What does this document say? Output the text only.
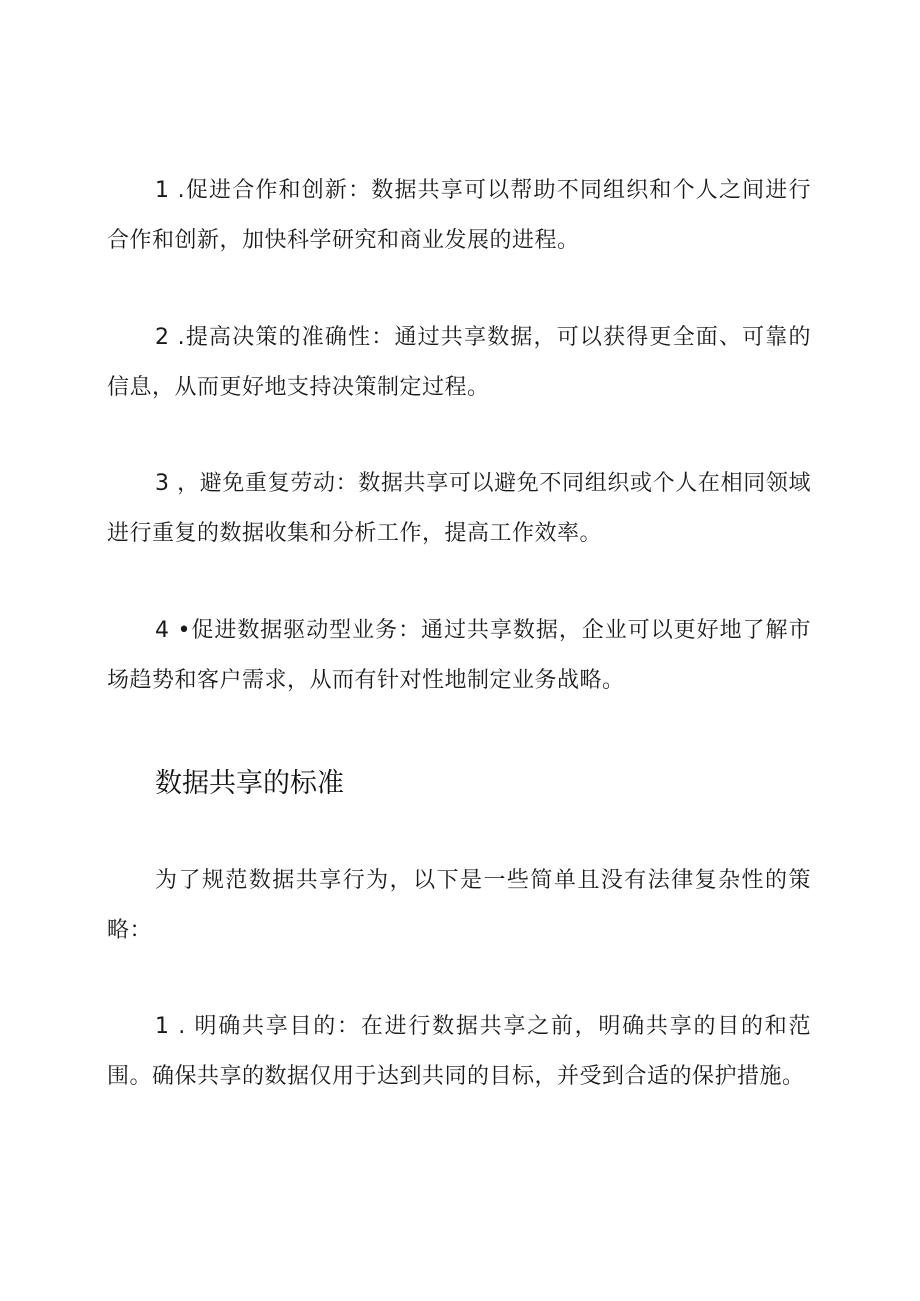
1 .促进合作和创新：数据共享可以帮助不同组织和个人之间进行合作和创新，加快科学研究和商业发展的进程。

2 .提高决策的准确性：通过共享数据，可以获得更全面、可靠的信息，从而更好地支持决策制定过程。

3 ，避免重复劳动：数据共享可以避免不同组织或个人在相同领域进行重复的数据收集和分析工作，提高工作效率。

4 •促进数据驱动型业务：通过共享数据，企业可以更好地了解市场趋势和客户需求，从而有针对性地制定业务战略。

数据共享的标准

为了规范数据共享行为，以下是一些简单且没有法律复杂性的策略：

1 . 明确共享目的：在进行数据共享之前，明确共享的目的和范围。确保共享的数据仅用于达到共同的目标，并受到合适的保护措施。
